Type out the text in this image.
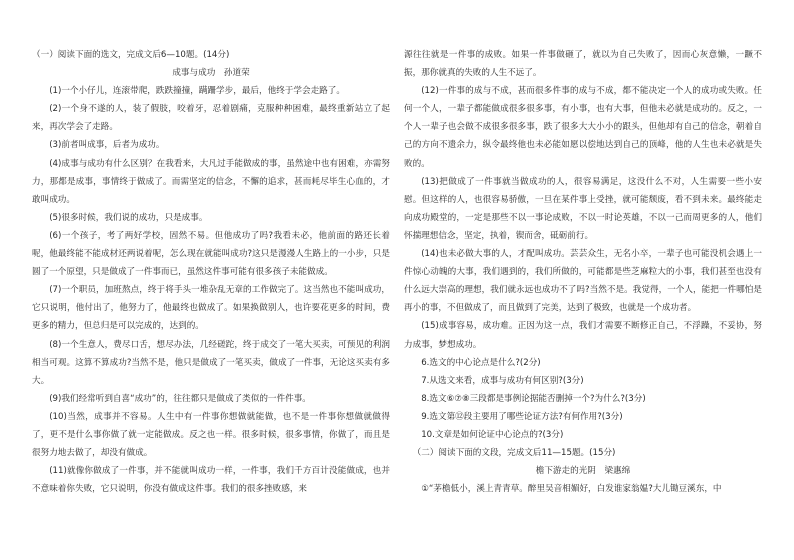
（一）阅读下面的选文，完成文后6—10题。(14分)

成事与成功　孙道荣

(1)一个小仔儿，连滚带爬，跌跌撞撞，蹒跚学步，最后，他终于学会走路了。

(2)一个身不遂的人，装了假肢，咬着牙，忍着剧痛，克服种种困难，最终重新站立了起来，再次学会了走路。

(3)前者叫成事，后者为成功。

(4)成事与成功有什么区别？在我看来，大凡过手能做成的事，虽然途中也有困难，亦需努力，那都是成事，事情终于做成了。而需坚定的信念，不懈的追求，甚而耗尽毕生心血的，才敢叫成功。

(5)很多时候，我们说的成功，只是成事。

(6)一个孩子，考了两好学校，固然不易。但他成功了吗?我看未必，他前面的路还长着呢，他最终能不能成材还两说着呢，怎么现在就能叫成功?这只是漫漫人生路上的一小步，只是圆了一个原望，只是做成了一件事而已，虽然这件事可能有很多孩子未能做成。

(7)一个职员，加班熬点，终于将手头一堆杂乱无章的工作做完了。这当然也不能叫成功，它只说明，他付出了，他努力了，他最终也做成了。如果换做别人，也许要花更多的时间，费更多的精力，但总归是可以完成的，达到的。

(8)一个生意人，费尽口舌，想尽办法，几经磋跎，终于成交了一笔大买卖，可预见的利润相当可观。这算不算成功?当然不是，他只是做成了一笔买卖，做成了一件事，无论这买卖有多大。

(9)我们经常听到自喜“成功”的，往往都只是做成了类似的一件件事。

(10)当然，成事并不容易。人生中有一件事你想做就能做，也不是一件事你想做就做得了，更不是什么事你做了就一定能做成。反之也一样。很多时候，很多事情，你做了，而且是很努力地去做了，却没有做成。

(11)就像你做成了一件事，并不能就叫成功一样，一件事，我们千方百计没能做成，也并不意味着你失败，它只说明，你没有做成这件事。我们的很多挫败感，来

源往往就是一件事的成败。如果一件事做砸了，就以为自己失败了，因而心灰意懒，一蹶不振，那你就真的失败的人生不远了。

(12)一件事的成与不成，甚而很多件事的成与不成，都不能决定一个人的成功或失败。任何一个人，一辈子都能做成很多很多事，有小事，也有大事，但他未必就是成功的。反之，一个人一辈子也会做不成很多很多事，跌了很多大大小小的跟头，但他却有自己的信念，朝着自己的方向不遗余力，纵令最终他也未必能如愿以偿地达到自己的顶峰，他的人生也未必就是失败的。

(13)把做成了一件事就当做成功的人，很容易满足，这没什么不对，人生需要一些小安慰。但这样的人，也很容易骄傲，一旦在某件事上受挫，就可能颓废，看不到未来。最终能走向成功殿堂的，一定是那些不以一事论成败，不以一时论英雄，不以一己而周更多的人，他们怀揣理想信念，坚定，执着，锲而舍，砥砺前行。

(14)也未必做大事的人，才配叫成功。芸芸众生，无名小卒，一辈子也可能没机会遇上一件惊心动魄的大事，我们遇到的，我们所做的，可能都是些芝麻粒大的小事，我们甚至也没有什么远大崇高的理想，我们就永远也成功不了吗?当然不是。我觉得，一个人，能把一件哪怕是再小的事，不但做成了，而且做到了完美，达到了极致，也就是一个成功者。

(15)成事容易，成功难。正因为这一点，我们才需要不断修正自己，不浮躁，不妥协，努力成事，梦想成功。

6.选文的中心论点是什么?(2分)

7.从选文来看，成事与成功有何区别?(3分)

8.选文⑥⑦⑧三段都是事例论据能否删掉一个?为什么?(3分)

9.选文第⑫段主要用了哪些论证方法?有何作用?(3分)

10.文章是如何论证中心论点的?(3分)

（二）阅读下面的文段，完成文后11—15题。(15分)

檐下游走的光阴　梁惠绵

①“茅檐低小，溪上青青草。醉里吴音相媚好，白发谁家翁媪?大儿锄豆溪东，中
